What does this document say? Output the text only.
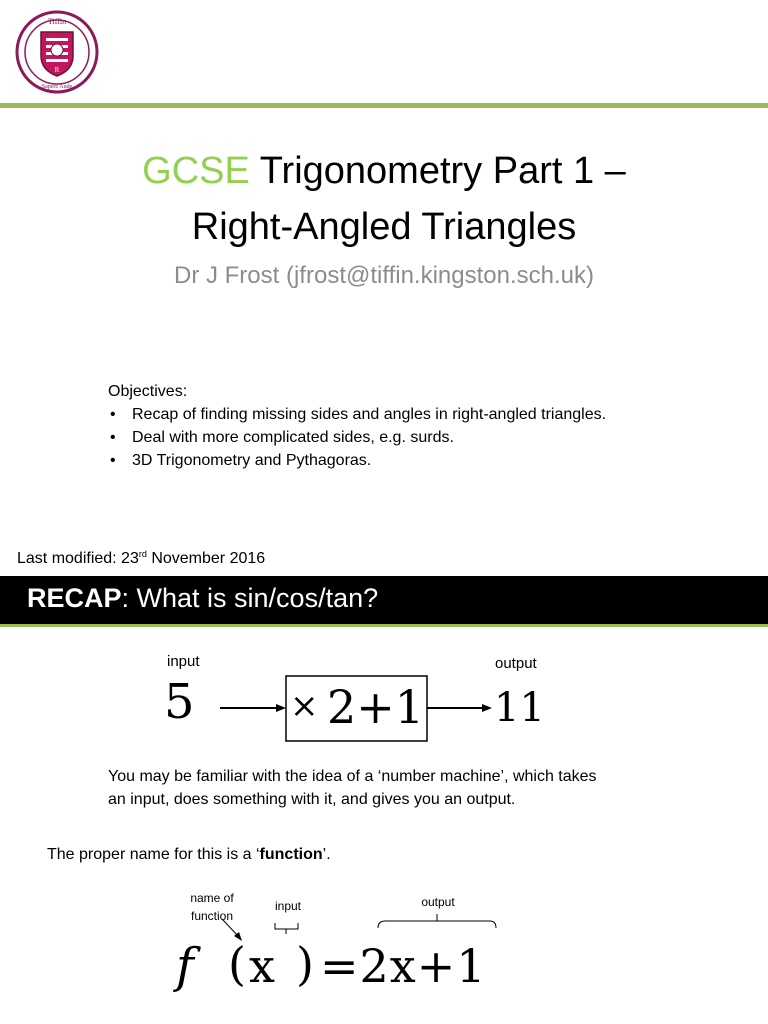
Tiffin
Sapere Aude
R
GCSE Trigonometry Part 1 –
Right-Angled Triangles
Dr J Frost (jfrost@tiffin.kingston.sch.uk)
Objectives:
• Recap of finding missing sides and angles in right-angled triangles.
• Deal with more complicated sides, e.g. surds.
• 3D Trigonometry and Pythagoras.
Last modified: 23rd November 2016
RECAP: What is sin/cos/tan?
input	output
5	× 2+1 11
You may be familiar with the idea of a ‘number machine’, which takes
an input, does something with it, and gives you an output.
The proper name for this is a ‘function’.
name of
function
input	output
f ( x ) =2x+1
